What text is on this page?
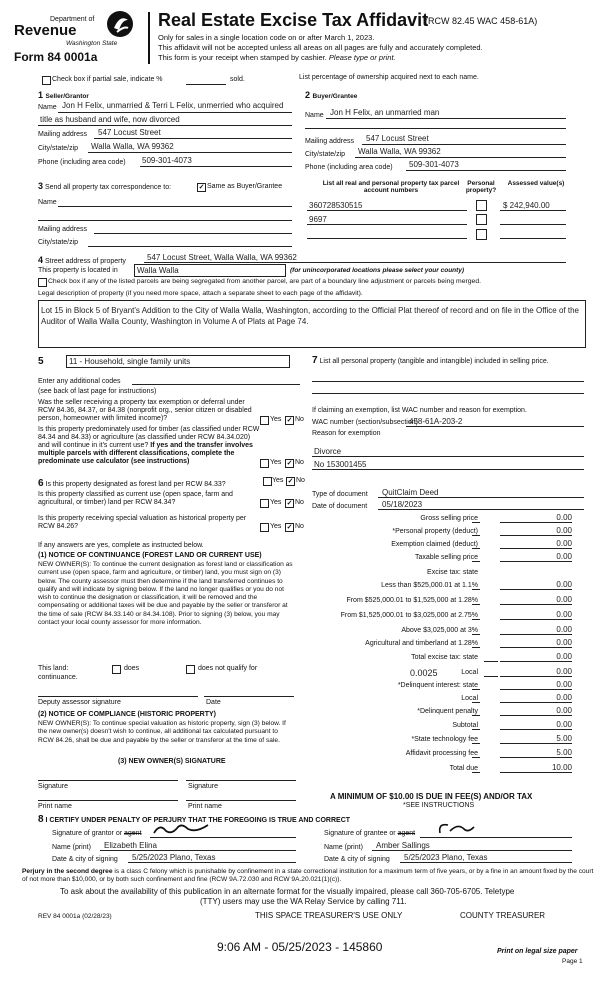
Department of
Revenue
Washington State
Form 84 0001a
Real Estate Excise Tax Affidavit
(RCW 82.45 WAC 458-61A)
Only for sales in a single location code on or after March 1, 2023.
This affidavit will not be accepted unless all areas on all pages are fully and accurately completed.
This form is your receipt when stamped by cashier. Please type or print.
Check box if partial sale, indicate %	sold.	List percentage of ownership acquired next to each name.
1 Seller/Grantor
Name Jon H Felix, unmarried & Terri L Felix, unmerried who acquired
title as husband and wife, now divorced
Mailing address 547 Locust Street
City/state/zip Walla Walla, WA 99362
Phone (including area code) 509-301-4073
2 Buyer/Grantee
Name Jon H Felix, an unmarried man
Mailing address 547 Locust Street
City/state/zip Walla Walla, WA 99362
Phone (including area code) 509-301-4073
3 Send all property tax correspondence to:	✓ Same as Buyer/Grantee
Name
Mailing address
City/state/zip
List all real and personal property tax parcel account numbers
Personal property?
Assessed value(s)
360728530515	$ 242,940.00
9697
4 Street address of property	547 Locust Street, Walla Walla, WA 99362
This property is located in Walla Walla	(for unincorporated locations please select your county)
Check box if any of the listed parcels are being segregated from another parcel, are part of a boundary line adjustment or parcels being merged.
Legal description of property (if you need more space, attach a separate sheet to each page of the affidavit).
Lot 15 in Block 5 of Bryant's Addition to the City of Walla Walla, Washington, according to the Official Plat thereof of record and on file in the Office of the Auditor of Walla Walla County, Washington in Volume A of Plats at Page 74.
5	11 - Household, single family units
Enter any additional codes
(see back of last page for instructions)
Was the seller receiving a property tax exemption or deferral under RCW 84.36, 84.37, or 84.38 (nonprofit org., senior citizen or disabled person, homeowner with limited income)?	Yes ✓ No
Is this property predominately used for timber (as classified under RCW 84.34 and 84.33) or agriculture (as classified under RCW 84.34.020) and will continue in it's current use? If yes and the transfer involves multiple parcels with different classifications, complete the predominate use calculator (see instructions)	Yes ✓ No
7 List all personal property (tangible and intangible) included in selling price.
If claiming an exemption, list WAC number and reason for exemption.
WAC number (section/subsection)
458-61A-203-2
Reason for exemption
Divorce
No 153001455
6 Is this property designated as forest land per RCW 84.33?
Yes ✓ No
Is this property classified as current use (open space, farm and agricultural, or timber) land per RCW 84.34?	Yes ✓ No
Is this property receiving special valuation as historical property per RCW 84.26?	Yes ✓ No
If any answers are yes, complete as instructed below.
(1) NOTICE OF CONTINUANCE (FOREST LAND OR CURRENT USE)
NEW OWNER(S): To continue the current designation as forest land or classification as current use (open space, farm and agriculture, or timber) land, you must sign on (3) below. The county assessor must then determine if the land transferred continues to qualify and will indicate by signing below. If the land no longer qualifies or you do not wish to continue the designation or classification, it will be removed and the compensating or additional taxes will be due and payable by the seller or transferor at the time of sale (RCW 84.33.140 or 84.34.108). Prior to signing (3) below, you may contact your local county assessor for more information.
This land:	does	does not qualify for
continuance.
Deputy assessor signature	Date
(2) NOTICE OF COMPLIANCE (HISTORIC PROPERTY)
NEW OWNER(S): To continue special valuation as historic property, sign (3) below. If the new owner(s) doesn't wish to continue, all additional tax calculated pursuant to RCW 84.26, shall be due and payable by the seller or transferor at the time of sale.
(3) NEW OWNER(S) SIGNATURE
Signature	Signature
Print name	Print name
Type of document QuitClaim Deed
Date of document 05/18/2023
Gross selling price	0.00
*Personal property (deduct)	0.00
Exemption claimed (deduct)	0.00
Taxable selling price	0.00
Excise tax: state
Less than $525,000.01 at 1.1%	0.00
From $525,000.01 to $1,525,000 at 1.28%	0.00
From $1,525,000.01 to $3,025,000 at 2.75%	0.00
Above $3,025,000 at 3%	0.00
Agricultural and timberland at 1.28%	0.00
Total excise tax: state	0.00
Local	0.00
0.0025
*Delinquent interest: state	0.00
Local	0.00
*Delinquent penalty	0.00
Subtotal	0.00
*State technology fee	5.00
Affidavit processing fee	5.00
Total due	10.00
A MINIMUM OF $10.00 IS DUE IN FEE(S) AND/OR TAX
*SEE INSTRUCTIONS
8 I CERTIFY UNDER PENALTY OF PERJURY THAT THE FOREGOING IS TRUE AND CORRECT
Signature of grantor or agent
Name (print) Elizabeth Elina
Date & city of signing 5/25/2023 Plano, Texas
Signature of grantee or agent
Name (print) Amber Sallings
Date & city of signing 5/25/2023 Plano, Texas
Perjury in the second degree is a class C felony which is punishable by confinement in a state correctional institution for a maximum term of five years, or by a fine in an amount fixed by the court of not more than $10,000, or by both such confinement and fine (RCW 9A.72.030 and RCW 9A.20.021(1)(c)).
To ask about the availability of this publication in an alternate format for the visually impaired, please call 360-705-6705. Teletype
(TTY) users may use the WA Relay Service by calling 711.
REV 84 0001a (02/28/23)	THIS SPACE TREASURER'S USE ONLY	COUNTY TREASURER
9:06 AM - 05/25/2023 - 145860	Print on legal size paper
Page 1
